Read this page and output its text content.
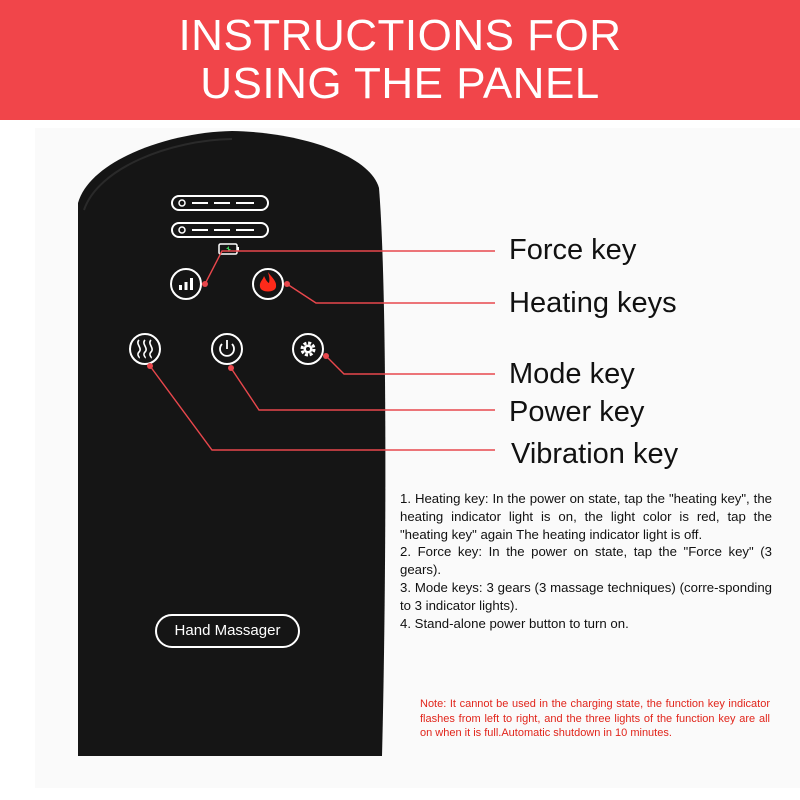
INSTRUCTIONS FOR
USING THE PANEL
Hand Massager
Force key
Heating keys
Mode key
Power key
Vibration key

1. Heating key: In the power on state, tap the "heating key", the heating indicator light is on, the light color is red, tap the "heating key" again The heating indicator light is off.

2. Force key: In the power on state, tap the "Force key" (3 gears).

3. Mode keys: 3 gears (3 massage techniques) (corre-sponding to 3 indicator lights).

4. Stand-alone power button to turn on.

Note: It cannot be used in the charging state, the function key indicator flashes from left to right, and the three lights of the function key are all on when it is full.Automatic shutdown in 10 minutes.
